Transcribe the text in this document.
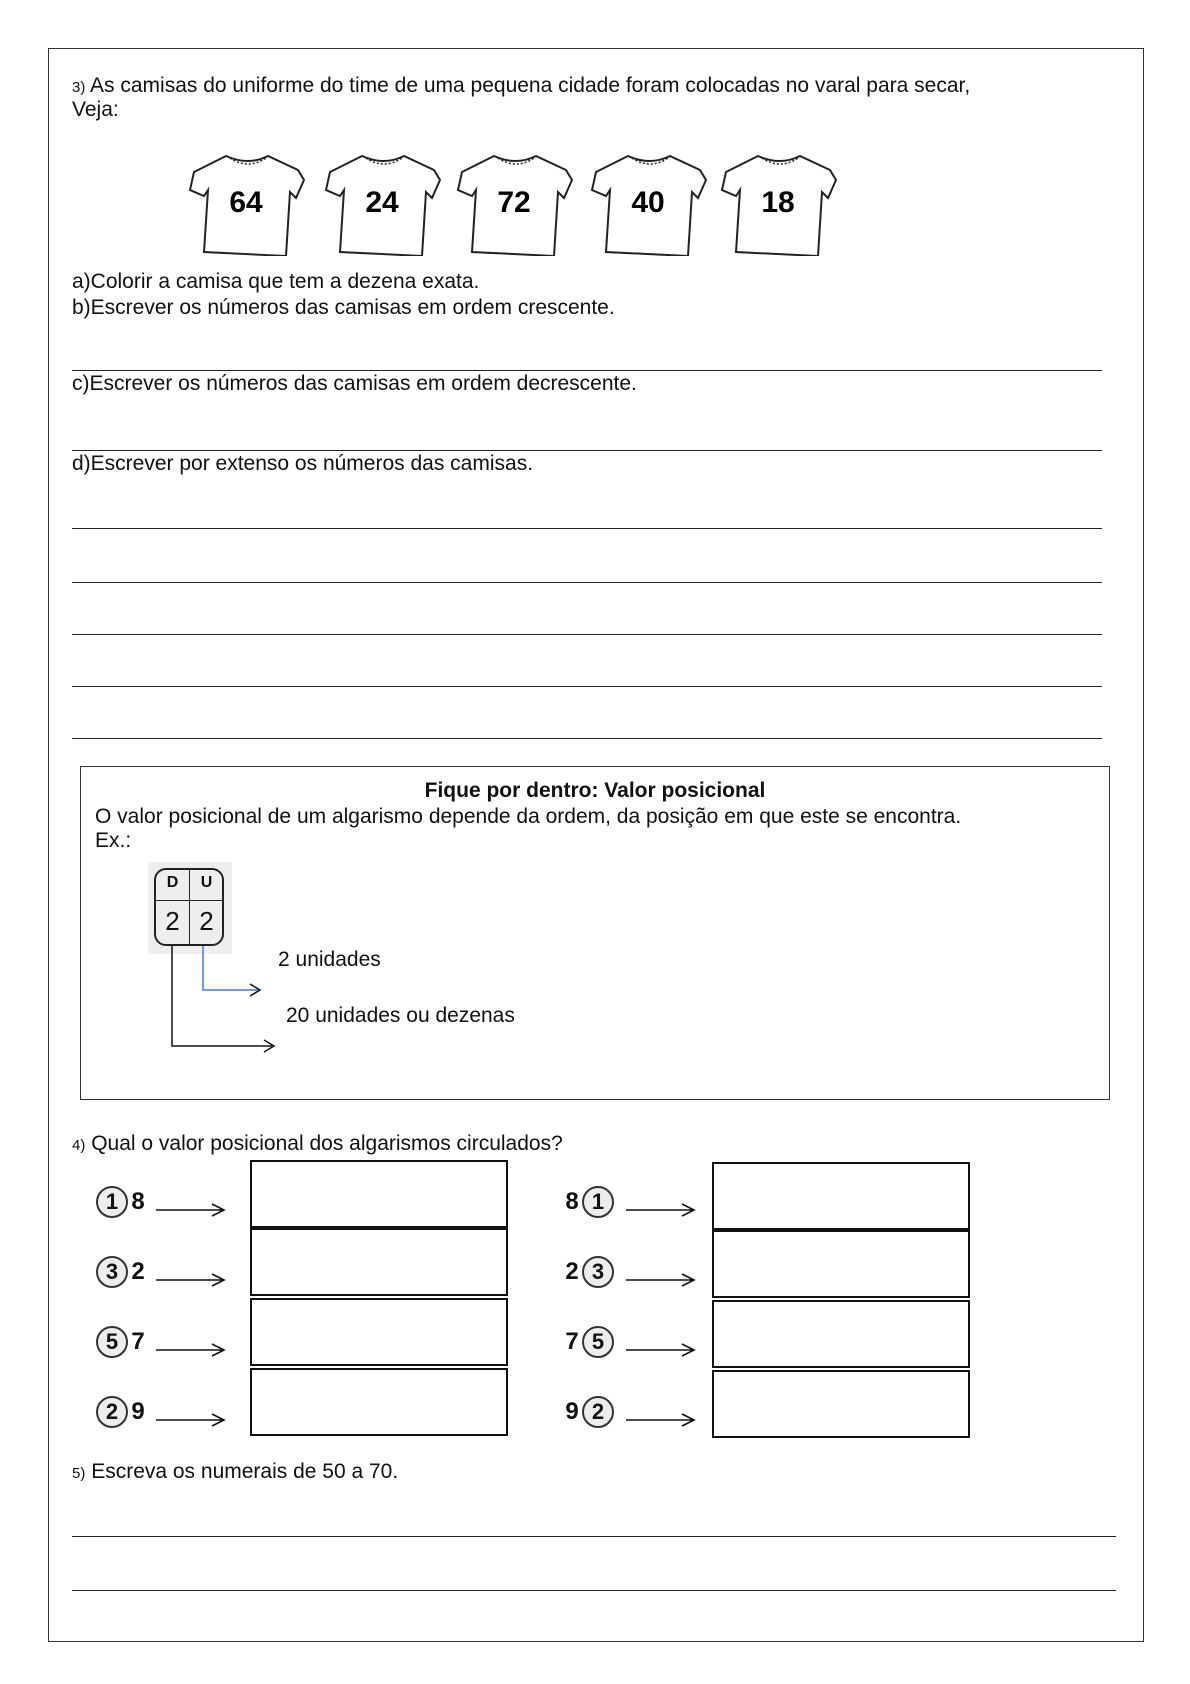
3) As camisas do uniforme do time de uma pequena cidade foram colocadas no varal para secar,
Veja:
64	24	72	40	18
a)Colorir a camisa que tem a dezena exata.
b)Escrever os números das camisas em ordem crescente.
c)Escrever os números das camisas em ordem decrescente.
d)Escrever por extenso os números das camisas.
Fique por dentro: Valor posicional
O valor posicional de um algarismo depende da ordem, da posição em que este se encontra.
Ex.:
D	U
2 2
2 unidades
20 unidades ou dezenas
4) Qual o valor posicional dos algarismos circulados?
1 8
3 2
5 7
2 9
8 1
2 3
7 5
9 2
5) Escreva os numerais de 50 a 70.
